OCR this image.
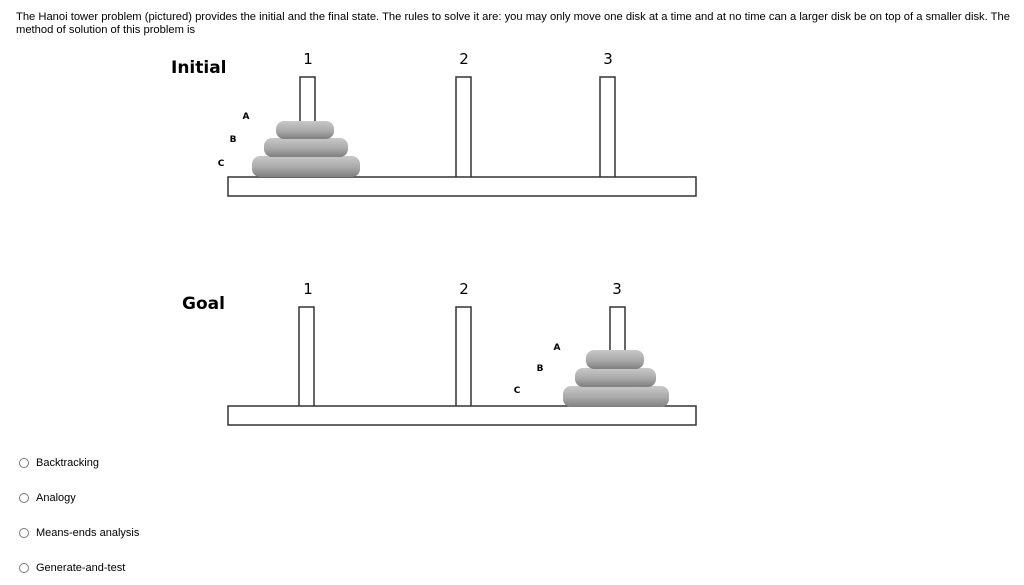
The Hanoi tower problem (pictured) provides the initial and the final state. The rules to solve it are: you may only move one disk at a time and at no time can a larger disk be on top of a smaller disk. The method of solution of this problem is
Initial	1	2	3
A
B
C
Goal
1	2	3
A
B
C
Backtracking
Analogy
Means-ends analysis
Generate-and-test
